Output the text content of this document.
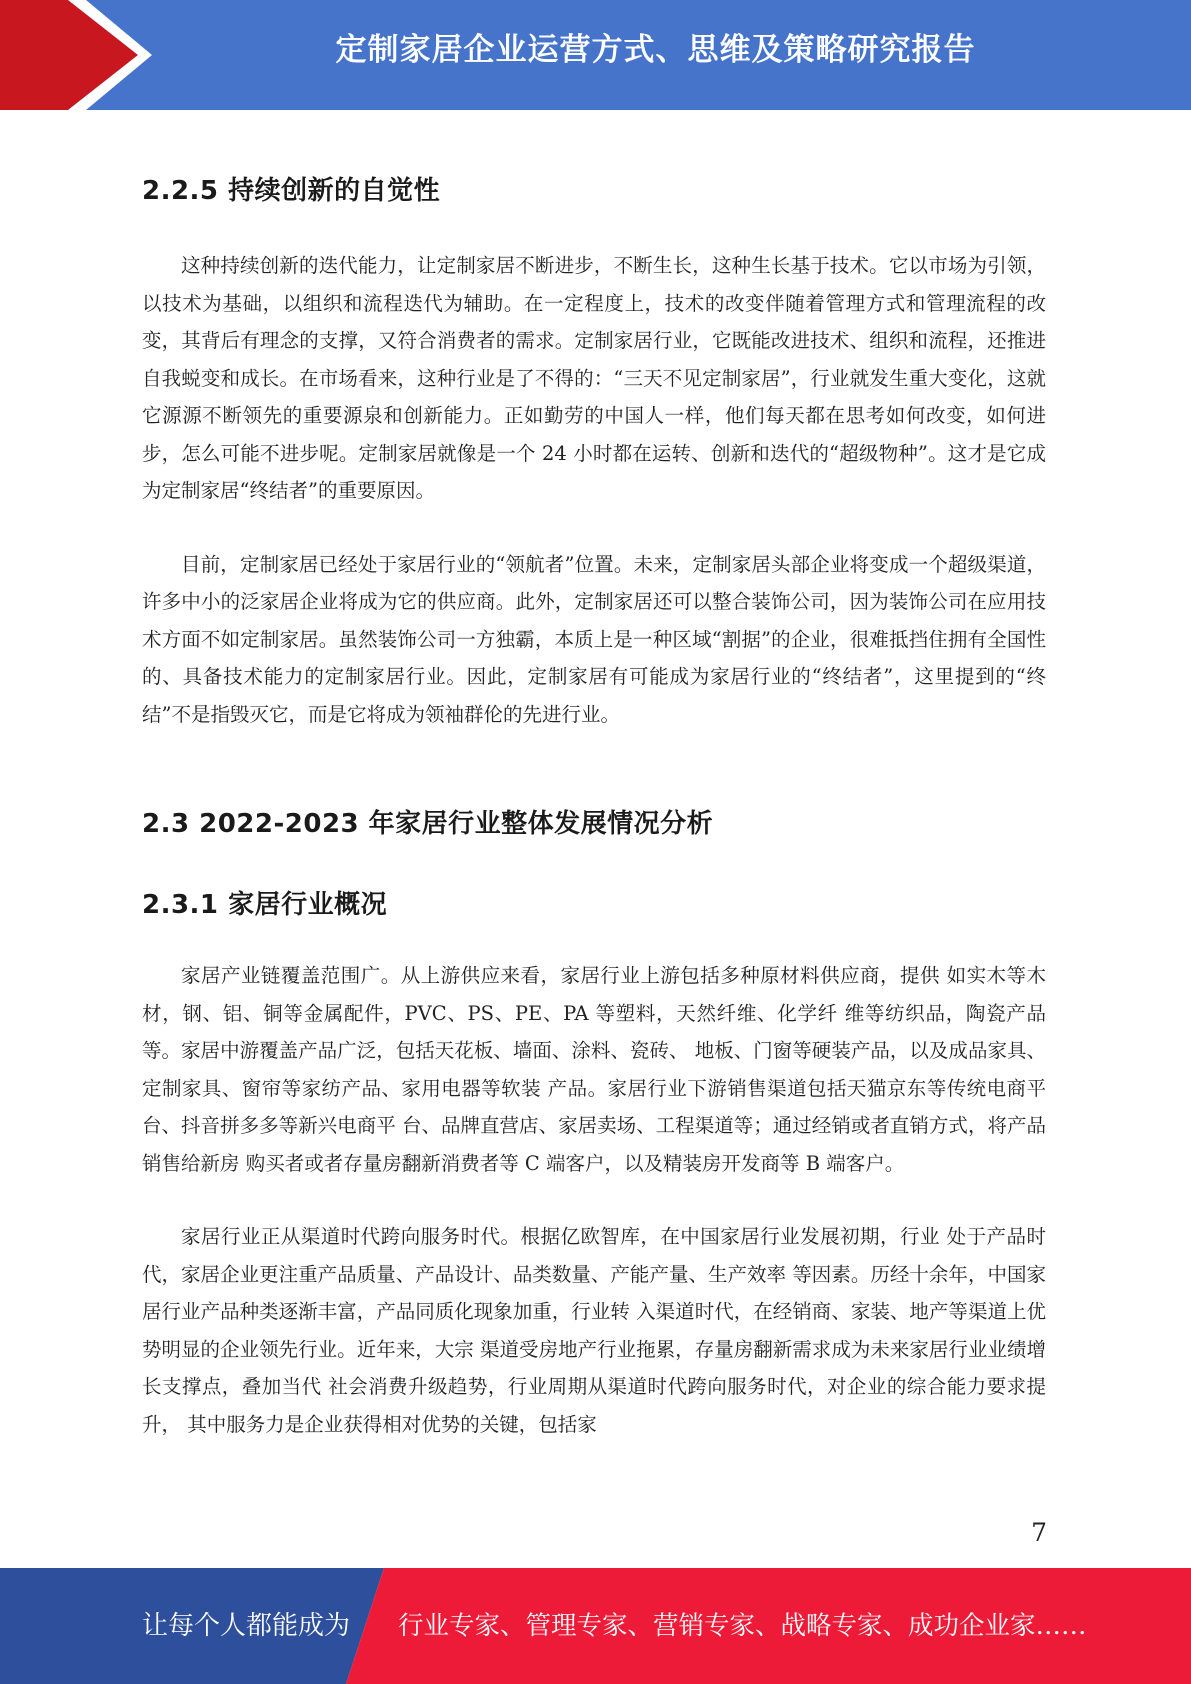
定制家居企业运营方式、思维及策略研究报告
2.2.5 持续创新的自觉性

这种持续创新的迭代能力，让定制家居不断进步，不断生长，这种生长基于技术。它以市场为引领，以技术为基础，以组织和流程迭代为辅助。在一定程度上，技术的改变伴随着管理方式和管理流程的改变，其背后有理念的支撑，又符合消费者的需求。定制家居行业，它既能改进技术、组织和流程，还推进自我蜕变和成长。在市场看来，这种行业是了不得的：“三天不见定制家居”，行业就发生重大变化，这就它源源不断领先的重要源泉和创新能力。正如勤劳的中国人一样，他们每天都在思考如何改变，如何进步，怎么可能不进步呢。定制家居就像是一个 24 小时都在运转、创新和迭代的“超级物种”。这才是它成为定制家居“终结者”的重要原因。

目前，定制家居已经处于家居行业的“领航者”位置。未来，定制家居头部企业将变成一个超级渠道，许多中小的泛家居企业将成为它的供应商。此外，定制家居还可以整合装饰公司，因为装饰公司在应用技术方面不如定制家居。虽然装饰公司一方独霸，本质上是一种区域“割据”的企业，很难抵挡住拥有全国性的、具备技术能力的定制家居行业。因此，定制家居有可能成为家居行业的“终结者”，这里提到的“终结”不是指毁灭它，而是它将成为领袖群伦的先进行业。

2.3 2022-2023 年家居行业整体发展情况分析
2.3.1 家居行业概况

家居产业链覆盖范围广。从上游供应来看，家居行业上游包括多种原材料供应商，提供 如实木等木材，钢、铝、铜等金属配件，PVC、PS、PE、PA 等塑料，天然纤维、化学纤 维等纺织品，陶瓷产品等。家居中游覆盖产品广泛，包括天花板、墙面、涂料、瓷砖、 地板、门窗等硬装产品，以及成品家具、定制家具、窗帘等家纺产品、家用电器等软装 产品。家居行业下游销售渠道包括天猫京东等传统电商平台、抖音拼多多等新兴电商平 台、品牌直营店、家居卖场、工程渠道等；通过经销或者直销方式，将产品销售给新房 购买者或者存量房翻新消费者等 C 端客户，以及精装房开发商等 B 端客户。

家居行业正从渠道时代跨向服务时代。根据亿欧智库，在中国家居行业发展初期，行业 处于产品时代，家居企业更注重产品质量、产品设计、品类数量、产能产量、生产效率 等因素。历经十余年，中国家居行业产品种类逐渐丰富，产品同质化现象加重，行业转 入渠道时代，在经销商、家装、地产等渠道上优势明显的企业领先行业。近年来，大宗 渠道受房地产行业拖累，存量房翻新需求成为未来家居行业业绩增长支撑点，叠加当代 社会消费升级趋势，行业周期从渠道时代跨向服务时代，对企业的综合能力要求提升， 其中服务力是企业获得相对优势的关键，包括家

7
让每个人都能成为 行业专家、管理专家、营销专家、战略专家、成功企业家……
